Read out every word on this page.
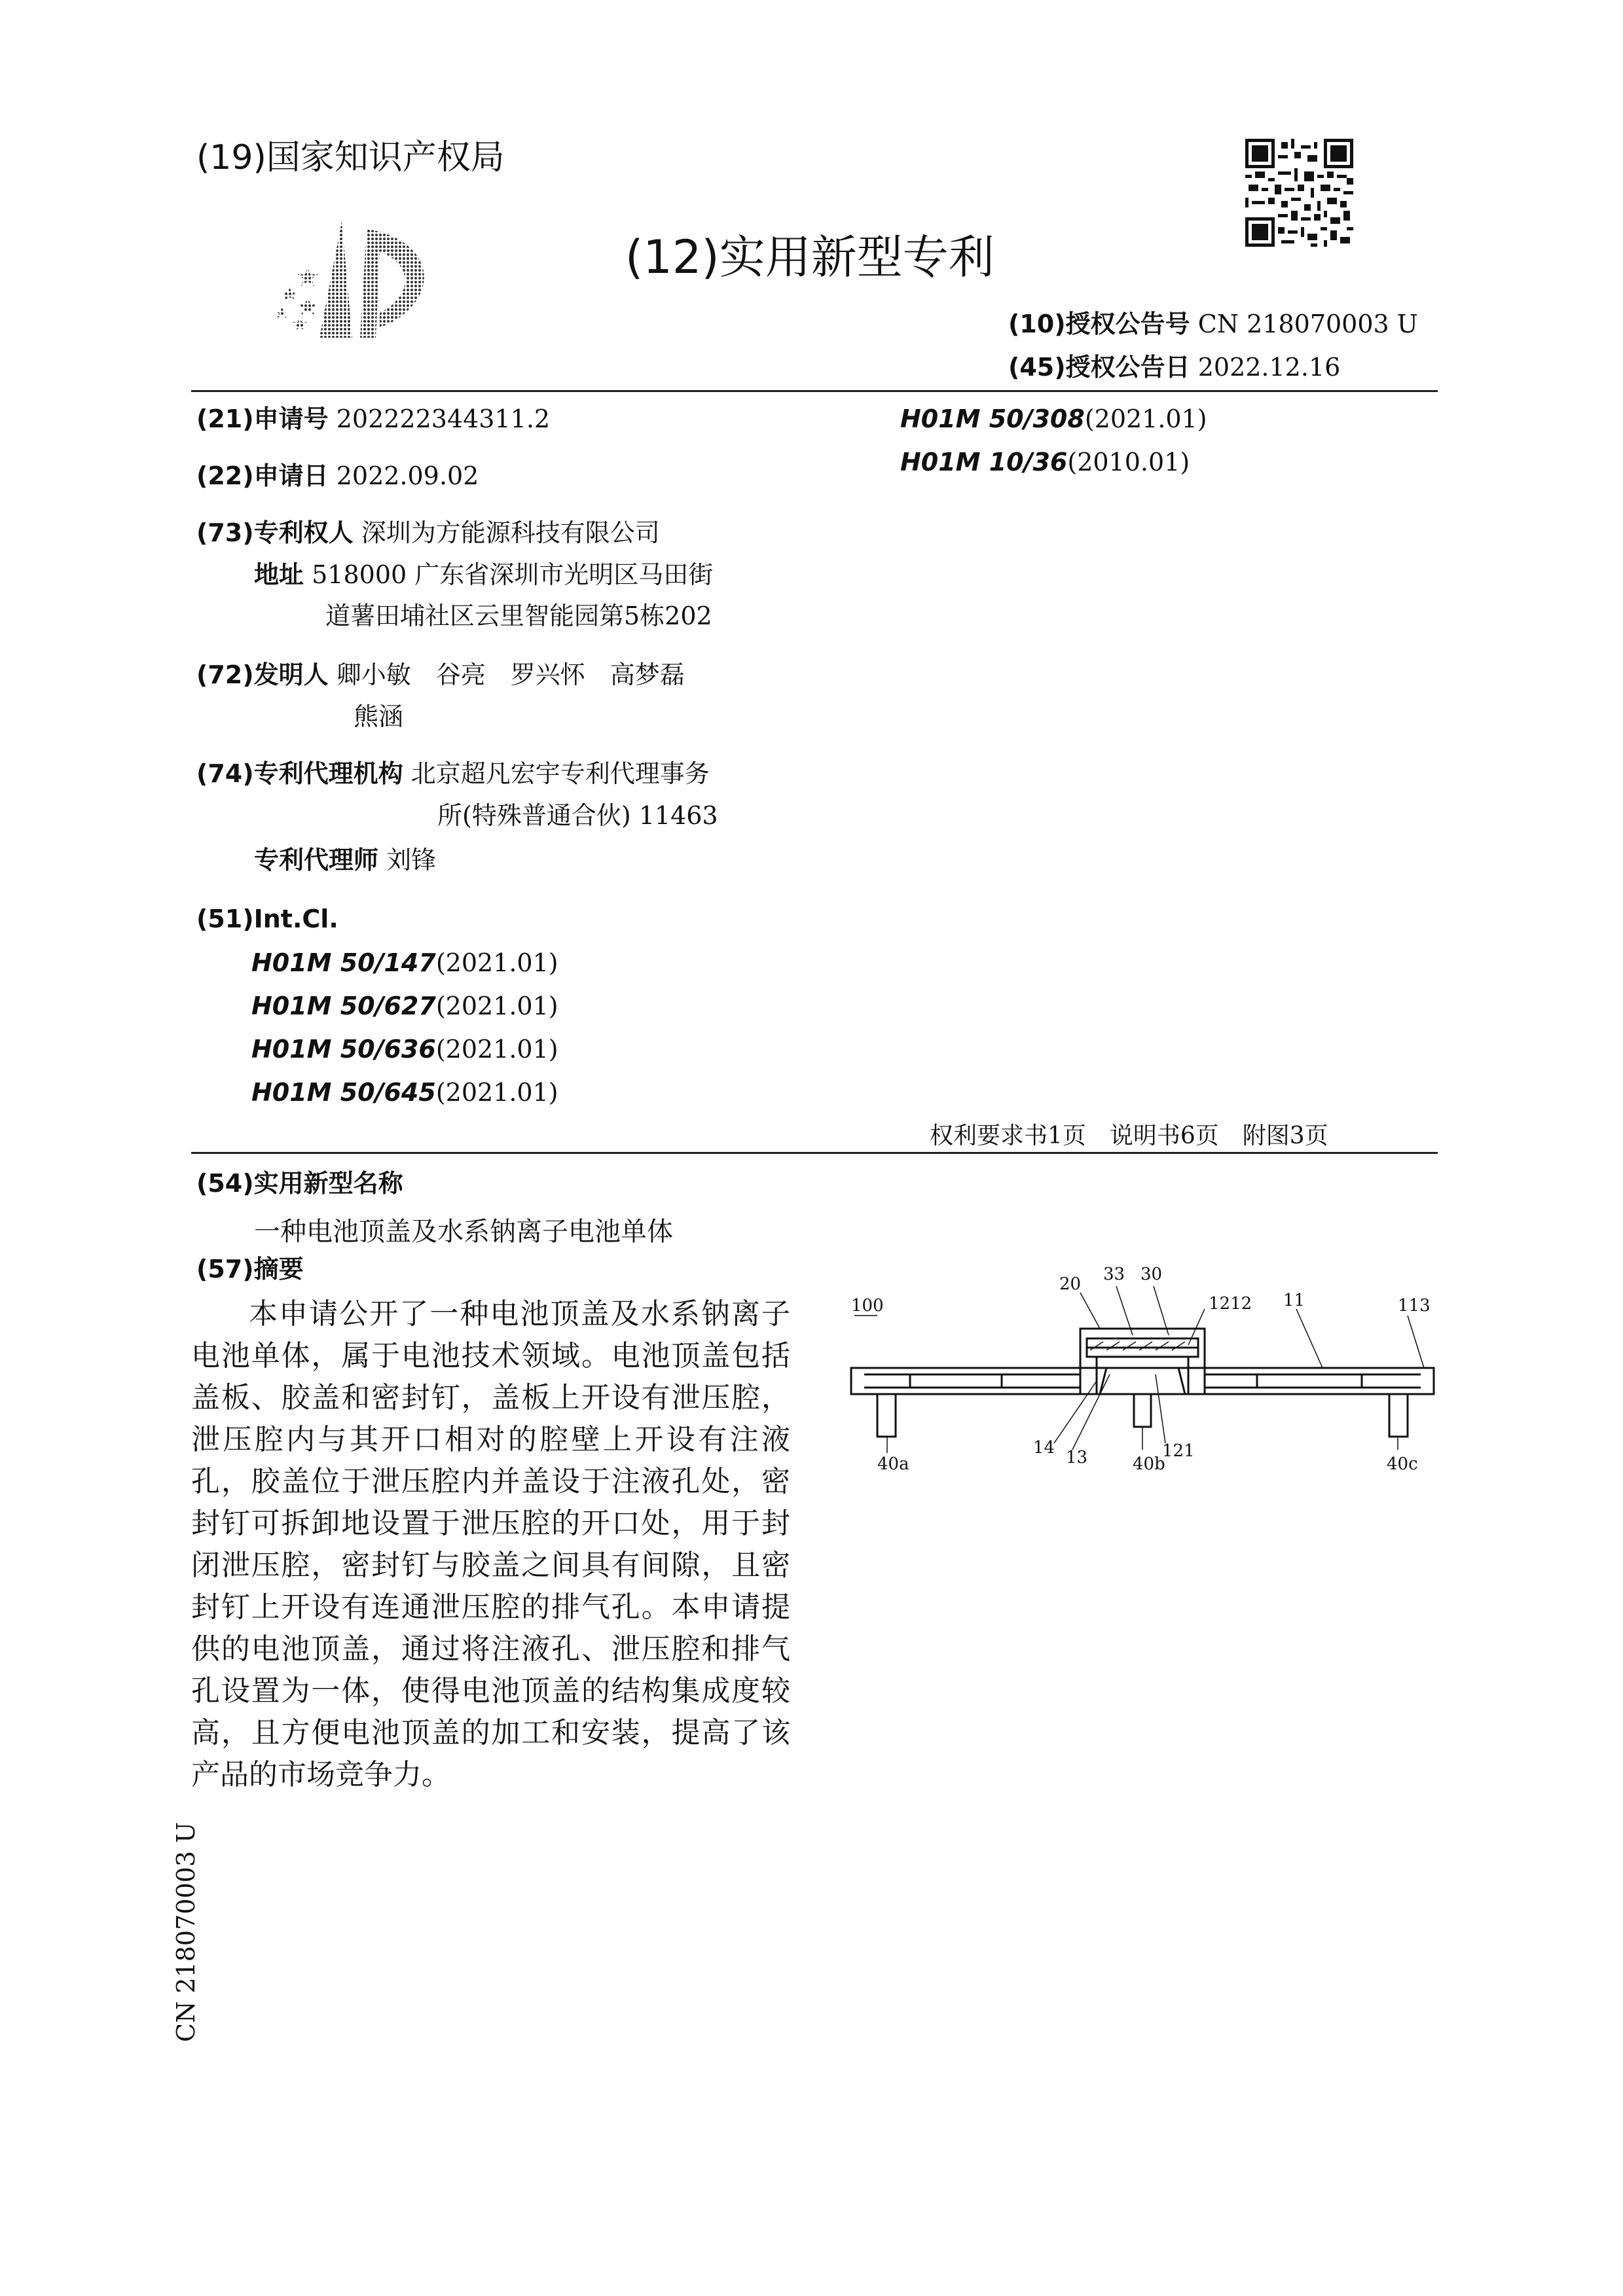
(19)国家知识产权局
(12)实用新型专利
(10)授权公告号 CN 218070003 U
(45)授权公告日 2022.12.16
(21)申请号 202222344311.2
(22)申请日 2022.09.02
(73)专利权人 深圳为方能源科技有限公司
地址 518000 广东省深圳市光明区马田街
道薯田埔社区云里智能园第5栋202
(72)发明人 卿小敏　谷亮　罗兴怀　高梦磊
熊涵
(74)专利代理机构 北京超凡宏宇专利代理事务
所(特殊普通合伙) 11463
专利代理师 刘锋
(51)Int.Cl.
H01M 50/147(2021.01)
H01M 50/627(2021.01)
H01M 50/636(2021.01)
H01M 50/645(2021.01)
H01M 50/308(2021.01)
H01M 10/36(2010.01)
权利要求书1页　说明书6页　附图3页
(54)实用新型名称
一种电池顶盖及水系钠离子电池单体
(57)摘要
本申请公开了一种电池顶盖及水系钠离子电池单体，属于电池技术领域。电池顶盖包括盖板、胶盖和密封钉，盖板上开设有泄压腔，泄压腔内与其开口相对的腔壁上开设有注液孔，胶盖位于泄压腔内并盖设于注液孔处，密封钉可拆卸地设置于泄压腔的开口处，用于封闭泄压腔，密封钉与胶盖之间具有间隙，且密封钉上开设有连通泄压腔的排气孔。本申请提供的电池顶盖，通过将注液孔、泄压腔和排气孔设置为一体，使得电池顶盖的结构集成度较高，且方便电池顶盖的加工和安装，提高了该产品的市场竞争力。
100
20 33 30
1212 11	113
14 13	121
40a	40b	40c
CN 218070003 U
